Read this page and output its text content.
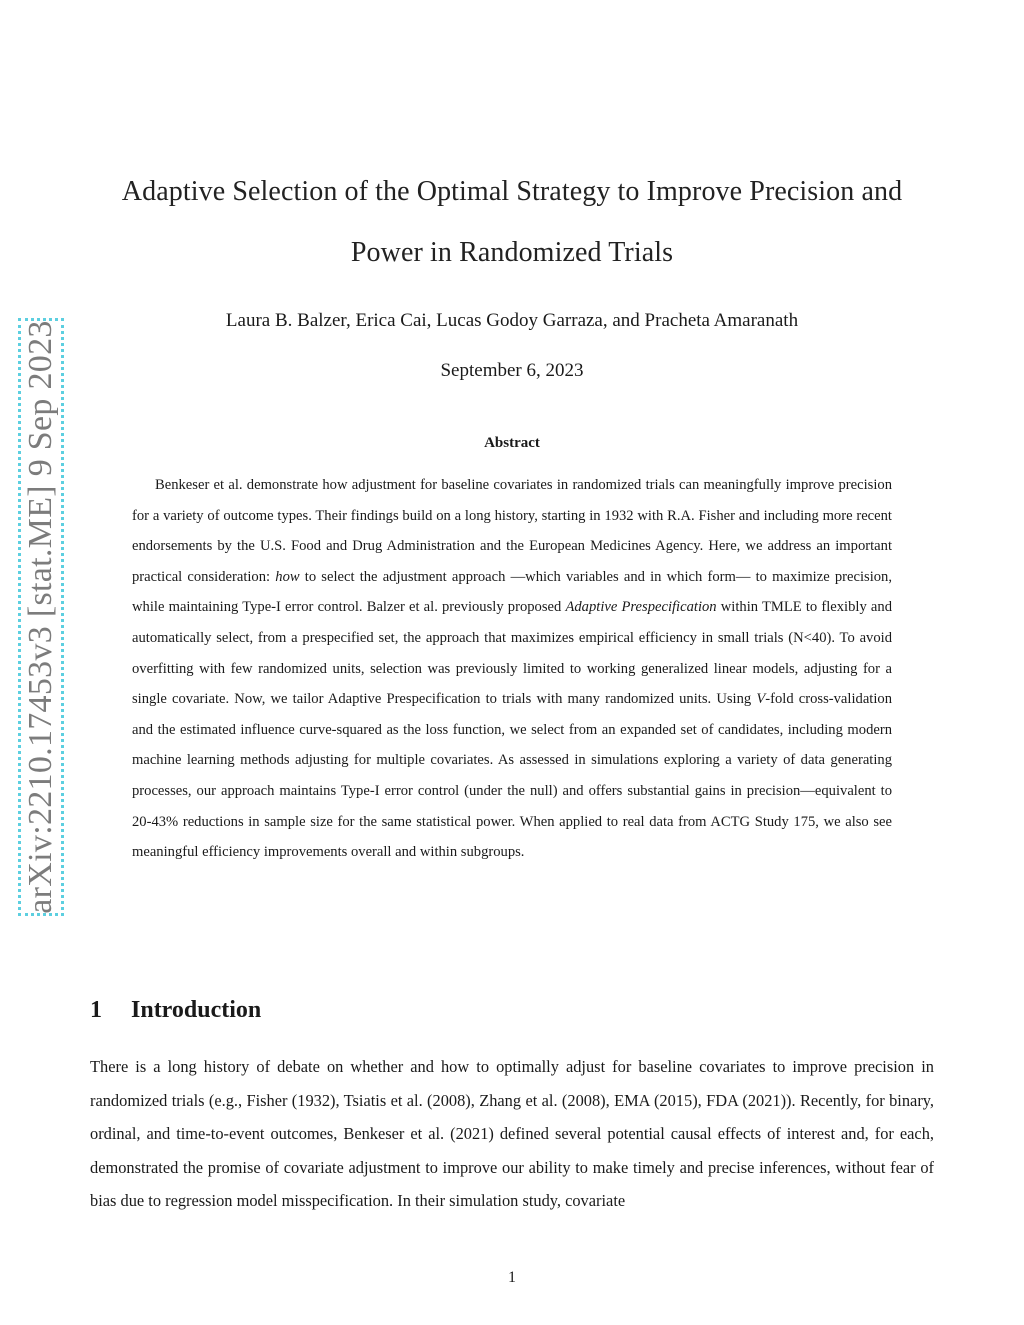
arXiv:2210.17453v3 [stat.ME] 9 Sep 2023
Adaptive Selection of the Optimal Strategy to Improve Precision and
Power in Randomized Trials
Laura B. Balzer, Erica Cai, Lucas Godoy Garraza, and Pracheta Amaranath
September 6, 2023
Abstract

Benkeser et al. demonstrate how adjustment for baseline covariates in randomized trials can meaningfully improve precision for a variety of outcome types. Their findings build on a long history, starting in 1932 with R.A. Fisher and including more recent endorsements by the U.S. Food and Drug Administration and the European Medicines Agency. Here, we address an important practical consideration: how to select the adjustment approach —which variables and in which form— to maximize precision, while maintaining Type-I error control. Balzer et al. previously proposed Adaptive Prespecification within TMLE to flexibly and automatically select, from a prespecified set, the approach that maximizes empirical efficiency in small trials (N<40). To avoid overfitting with few randomized units, selection was previously limited to working generalized linear models, adjusting for a single covariate. Now, we tailor Adaptive Prespecification to trials with many randomized units. Using V-fold cross-validation and the estimated influence curve-squared as the loss function, we select from an expanded set of candidates, including modern machine learning methods adjusting for multiple covariates. As assessed in simulations exploring a variety of data generating processes, our approach maintains Type-I error control (under the null) and offers substantial gains in precision—equivalent to 20-43% reductions in sample size for the same statistical power. When applied to real data from ACTG Study 175, we also see meaningful efficiency improvements overall and within subgroups.

1 Introduction

There is a long history of debate on whether and how to optimally adjust for baseline covariates to improve precision in randomized trials (e.g., Fisher (1932), Tsiatis et al. (2008), Zhang et al. (2008), EMA (2015), FDA (2021)). Recently, for binary, ordinal, and time-to-event outcomes, Benkeser et al. (2021) defined several potential causal effects of interest and, for each, demonstrated the promise of covariate adjustment to improve our ability to make timely and precise inferences, without fear of bias due to regression model misspecification. In their simulation study, covariate

1
